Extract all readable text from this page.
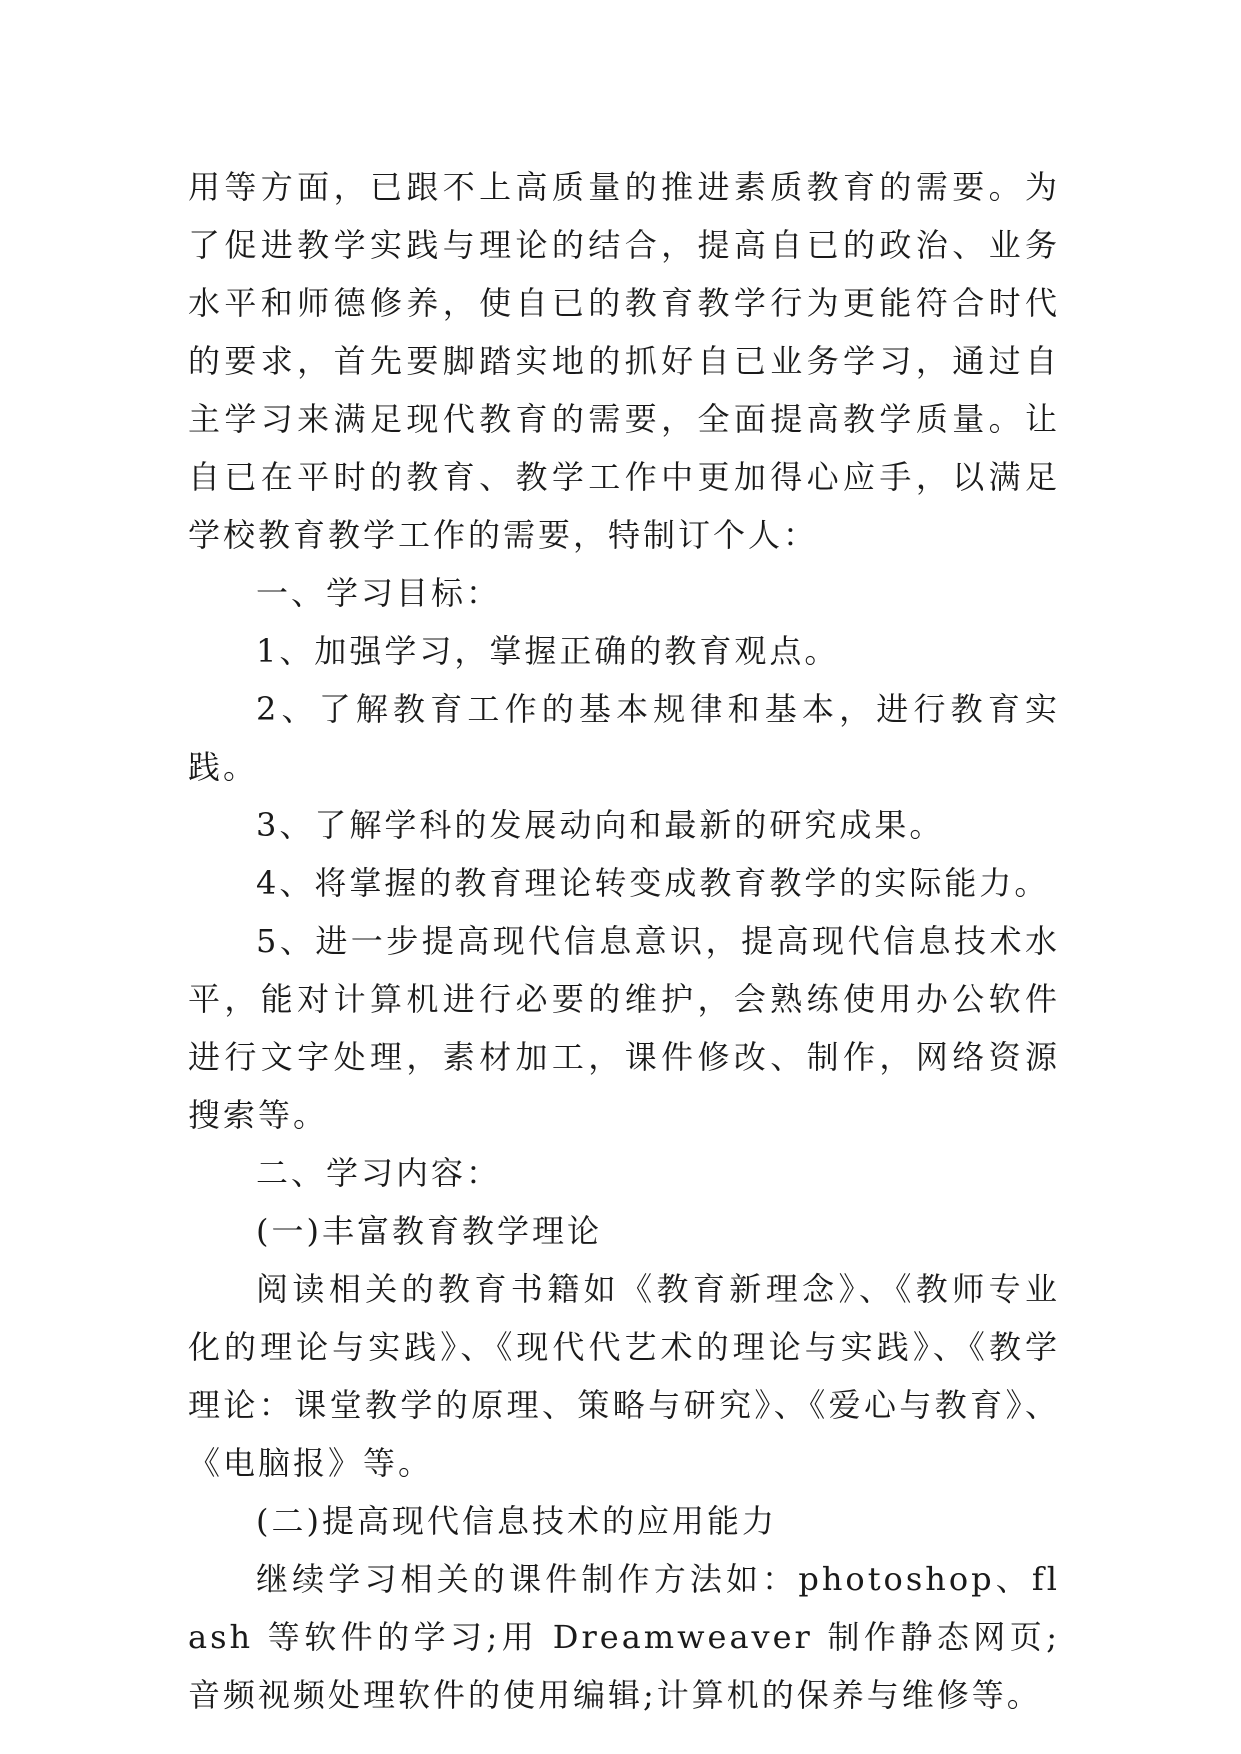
用等方面，已跟不上高质量的推进素质教育的需要。为了促进教学实践与理论的结合，提高自已的政治、业务水平和师德修养，使自已的教育教学行为更能符合时代的要求，首先要脚踏实地的抓好自已业务学习，通过自主学习来满足现代教育的需要，全面提高教学质量。让自已在平时的教育、教学工作中更加得心应手，以满足学校教育教学工作的需要，特制订个人：

一、学习目标：

1、加强学习，掌握正确的教育观点。

2、了解教育工作的基本规律和基本，进行教育实践。

3、了解学科的发展动向和最新的研究成果。

4、将掌握的教育理论转变成教育教学的实际能力。

5、进一步提高现代信息意识，提高现代信息技术水平，能对计算机进行必要的维护，会熟练使用办公软件进行文字处理，素材加工，课件修改、制作，网络资源搜索等。

二、学习内容：

(一)丰富教育教学理论

阅读相关的教育书籍如《教育新理念》、《教师专业化的理论与实践》、《现代代艺术的理论与实践》、《教学理论：课堂教学的原理、策略与研究》、《爱心与教育》、《电脑报》等。

(二)提高现代信息技术的应用能力

继续学习相关的课件制作方法如：photoshop、flash 等软件的学习;用 Dreamweaver 制作静态网页;音频视频处理软件的使用编辑;计算机的保养与维修等。
